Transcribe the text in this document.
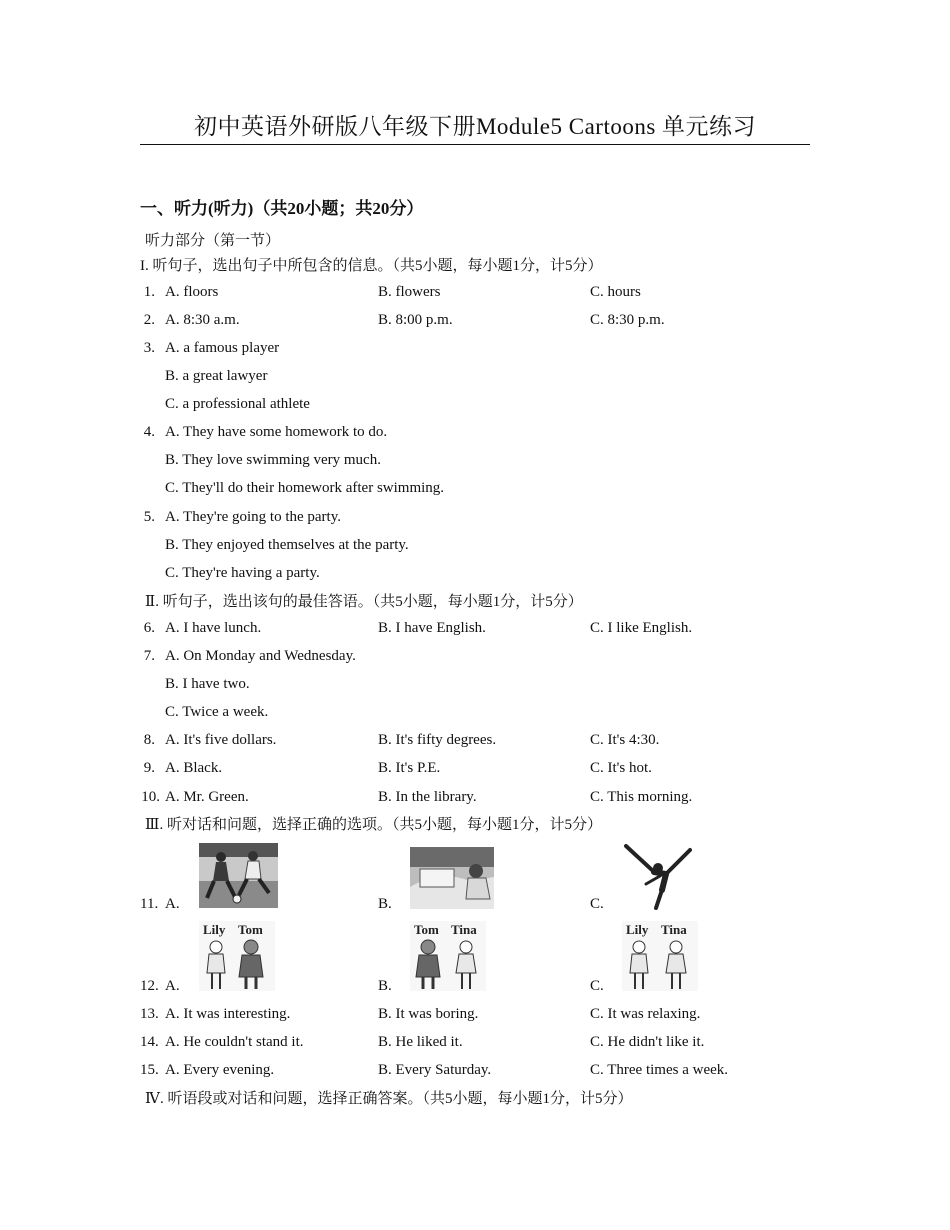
初中英语外研版八年级下册Module5 Cartoons 单元练习
一、听力(听力)（共20小题；共20分）
听力部分（第一节）
I. 听句子，选出句子中所包含的信息。（共5小题，每小题1分，计5分）
1. A. floors	B. flowers	C. hours
2. A. 8:30 a.m.	B. 8:00 p.m.	C. 8:30 p.m.
3. A. a famous player
B. a great lawyer
C. a professional athlete
4. A. They have some homework to do.
B. They love swimming very much.
C. They'll do their homework after swimming.
5. A. They're going to the party.
B. They enjoyed themselves at the party.
C. They're having a party.
Ⅱ. 听句子，选出该句的最佳答语。（共5小题，每小题1分，计5分）
6. A. I have lunch.	B. I have English.	C. I like English.
7. A. On Monday and Wednesday.
B. I have two.
C. Twice a week.
8. A. It's five dollars.	B. It's fifty degrees.	C. It's 4:30.
9. A. Black.	B. It's P.E.	C. It's hot.
10. A. Mr. Green.	B. In the library.	C. This morning.
Ⅲ. 听对话和问题，选择正确的选项。（共5小题，每小题1分，计5分）
11. A.	B.	C.
12. A.
Lily Tom
B.
Tom Tina
C.
Lily Tina
13. A. It was interesting.	B. It was boring.	C. It was relaxing.
14. A. He couldn't stand it.	B. He liked it.	C. He didn't like it.
15. A. Every evening.	B. Every Saturday.	C. Three times a week.
Ⅳ. 听语段或对话和问题，选择正确答案。（共5小题，每小题1分，计5分）
